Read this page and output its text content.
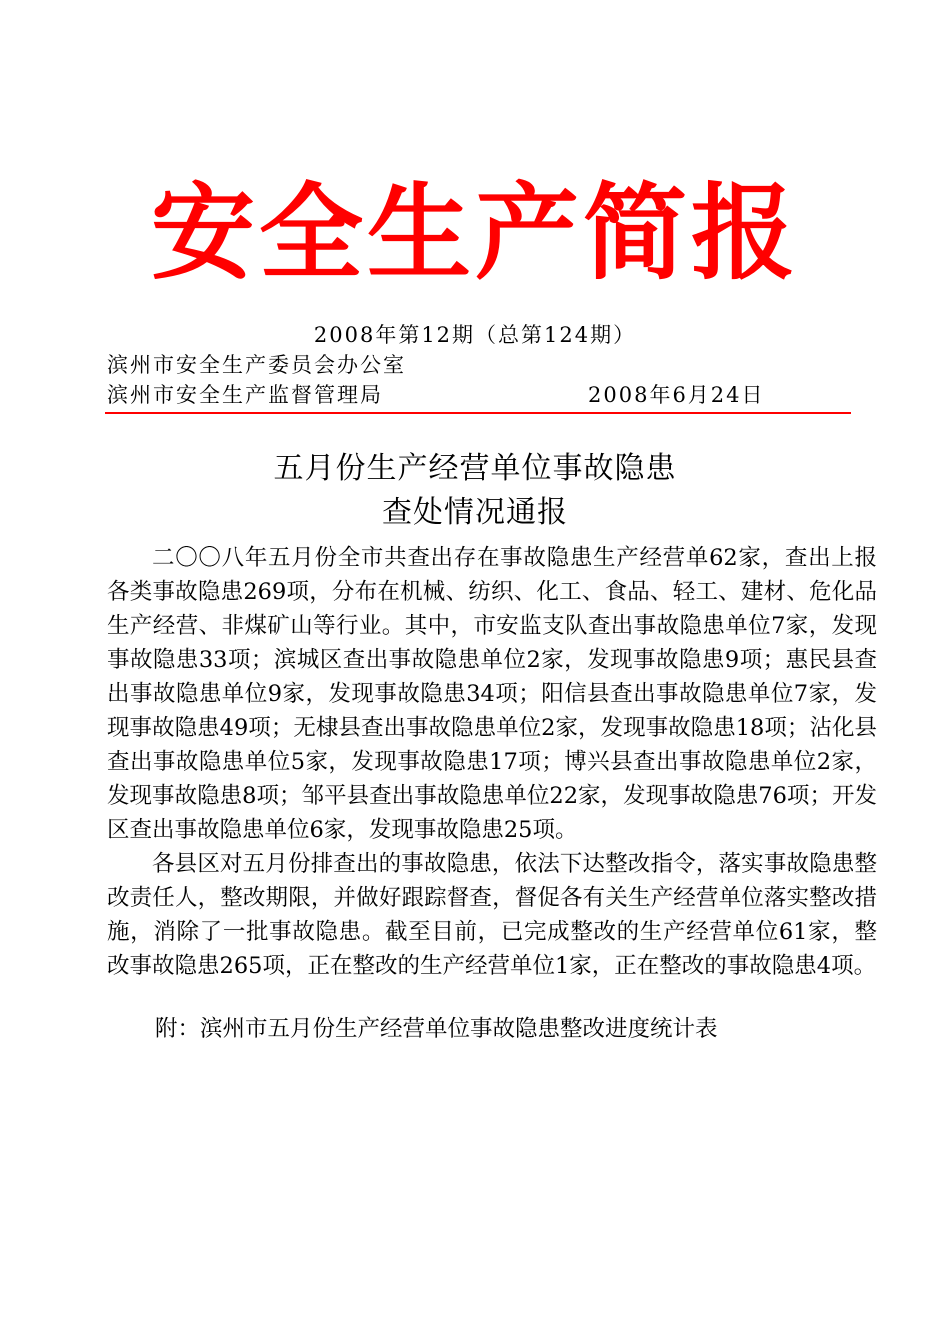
安全生产简报
2008年第12期（总第124期）
滨州市安全生产委员会办公室
滨州市安全生产监督管理局	2008年6月24日
五月份生产经营单位事故隐患
查处情况通报

二〇〇八年五月份全市共查出存在事故隐患生产经营单62家，查出上报各类事故隐患269项，分布在机械、纺织、化工、食品、轻工、建材、危化品生产经营、非煤矿山等行业。其中，市安监支队查出事故隐患单位7家，发现事故隐患33项；滨城区查出事故隐患单位2家，发现事故隐患9项；惠民县查出事故隐患单位9家，发现事故隐患34项；阳信县查出事故隐患单位7家，发现事故隐患49项；无棣县查出事故隐患单位2家，发现事故隐患18项；沾化县查出事故隐患单位5家，发现事故隐患17项；博兴县查出事故隐患单位2家，发现事故隐患8项；邹平县查出事故隐患单位22家，发现事故隐患76项；开发区查出事故隐患单位6家，发现事故隐患25项。

各县区对五月份排查出的事故隐患，依法下达整改指令，落实事故隐患整改责任人，整改期限，并做好跟踪督查，督促各有关生产经营单位落实整改措施，消除了一批事故隐患。截至目前，已完成整改的生产经营单位61家，整改事故隐患265项，正在整改的生产经营单位1家，正在整改的事故隐患4项。

附：滨州市五月份生产经营单位事故隐患整改进度统计表
